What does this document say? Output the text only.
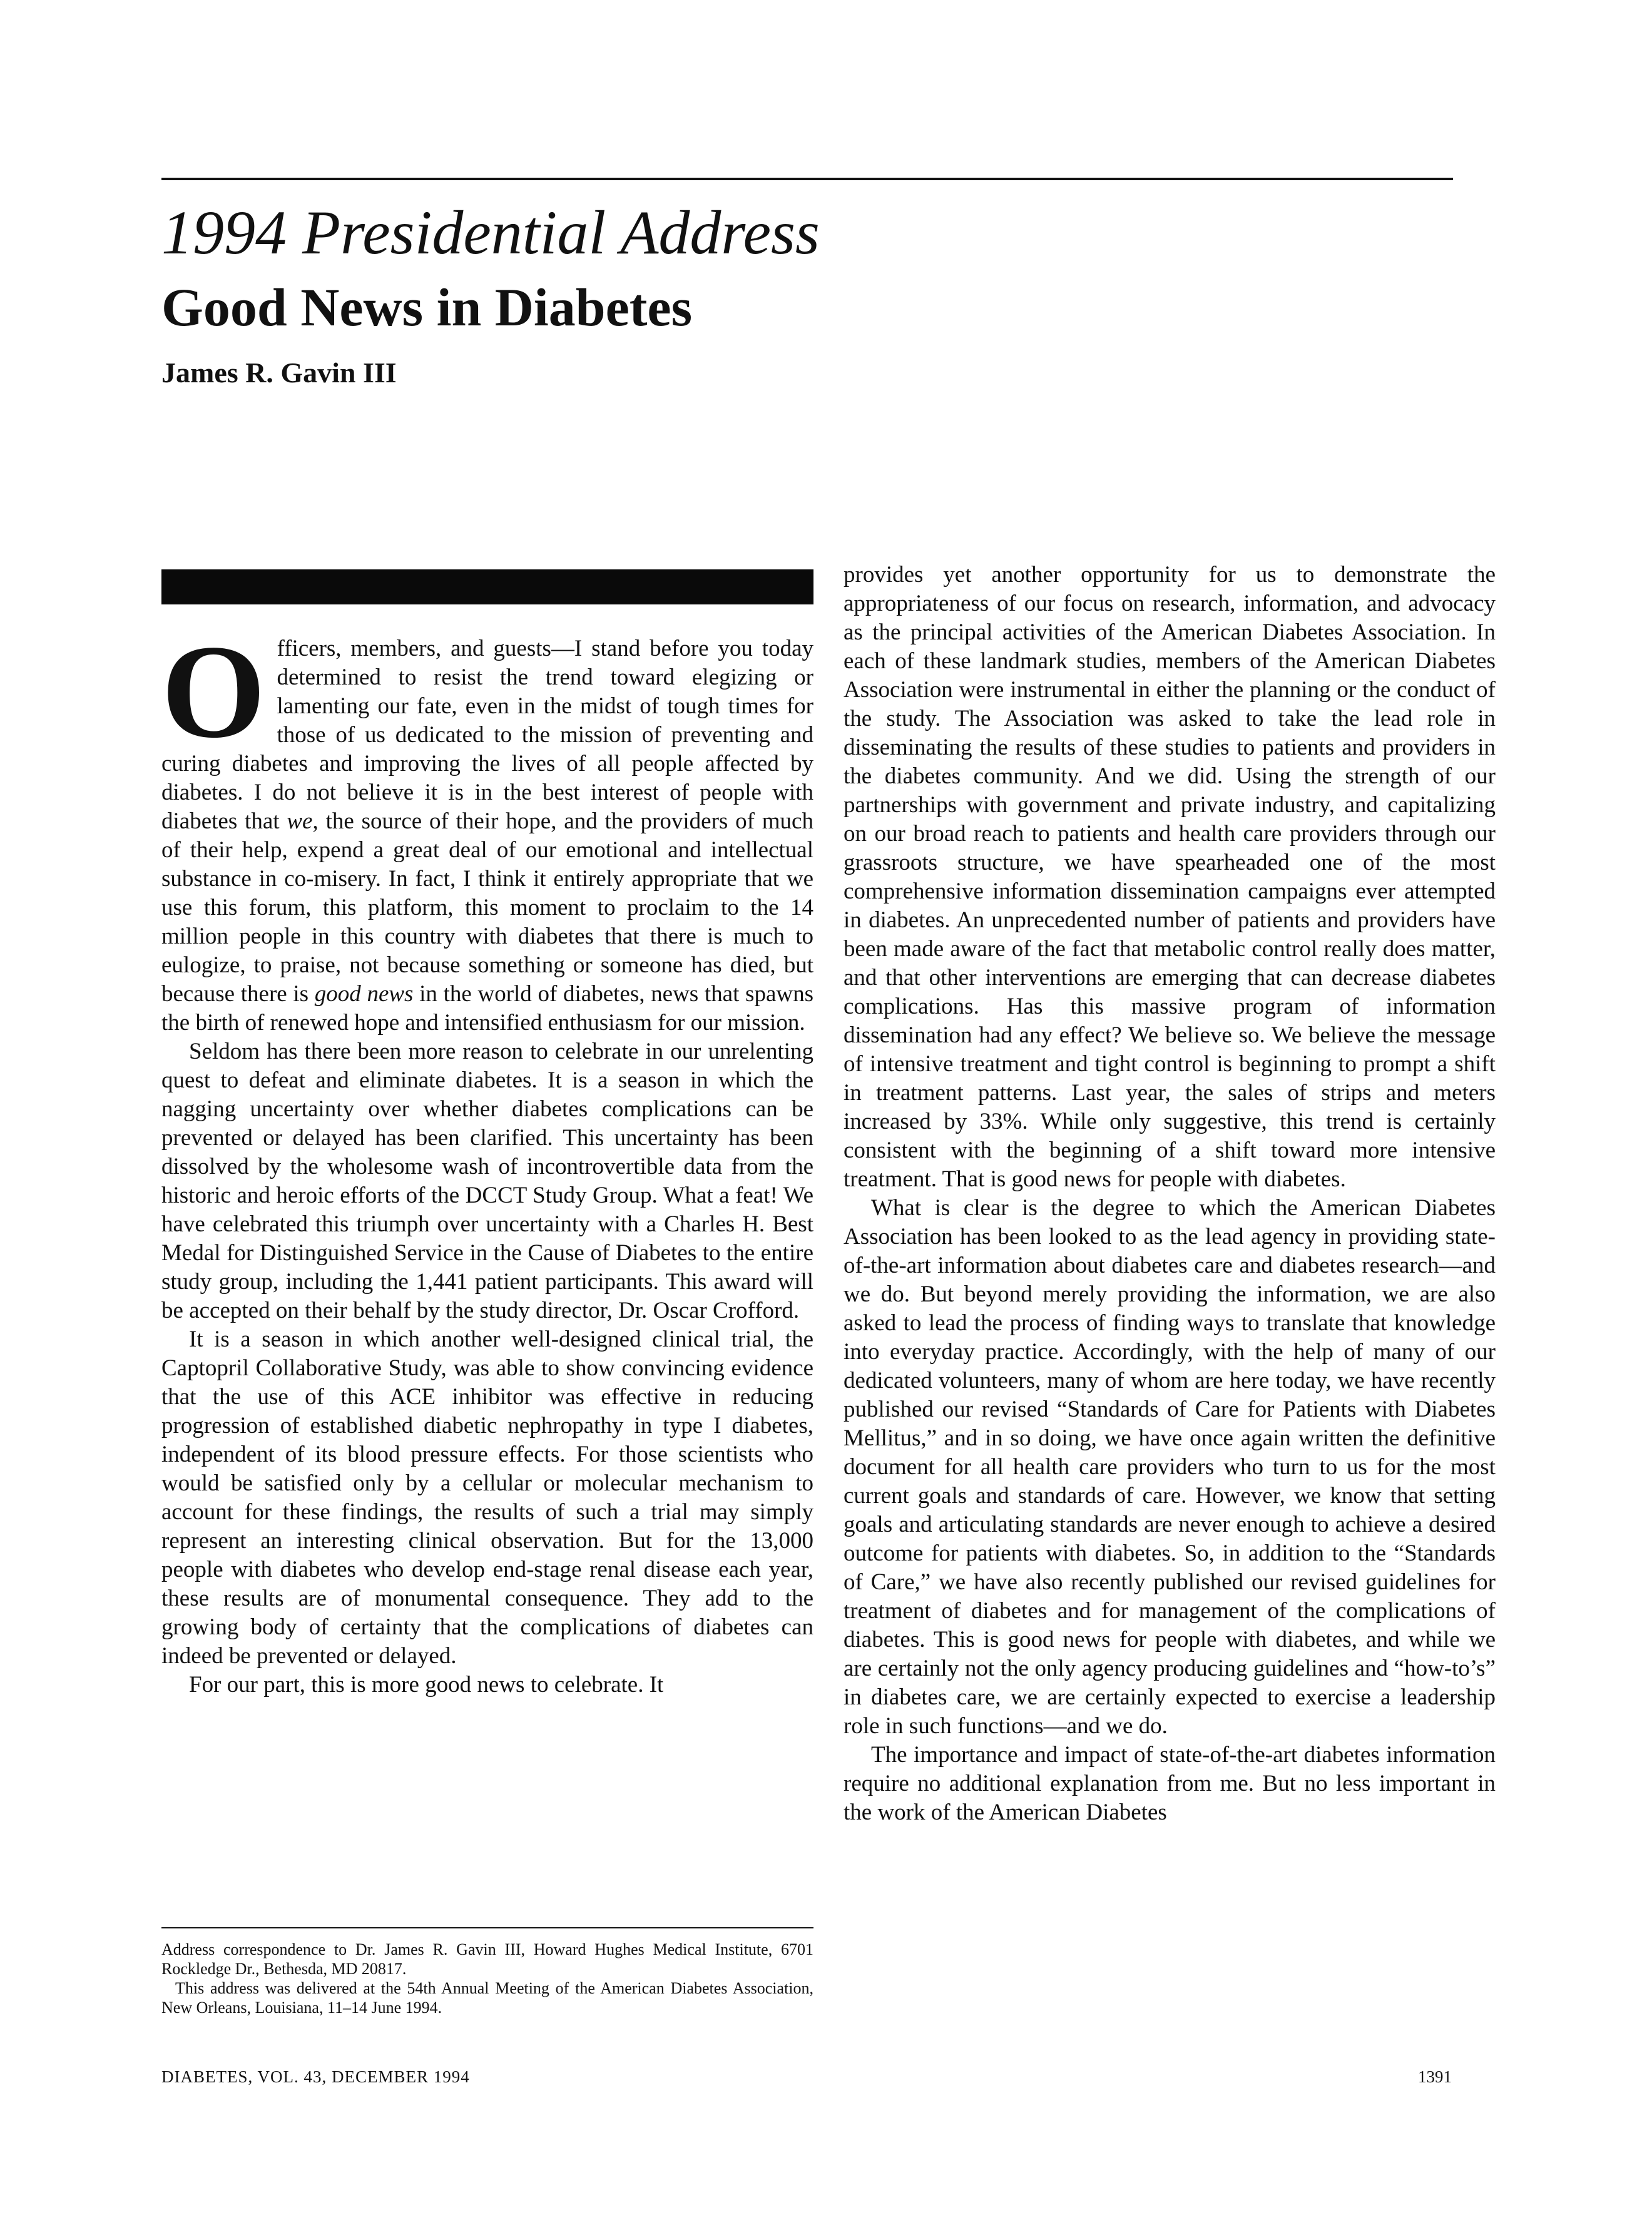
1994 Presidential Address
Good News in Diabetes
James R. Gavin III

Officers, members, and guests—I stand before you today determined to resist the trend toward elegizing or lamenting our fate, even in the midst of tough times for those of us dedicated to the mission of preventing and curing diabetes and improving the lives of all people affected by diabetes. I do not believe it is in the best interest of people with diabetes that we, the source of their hope, and the providers of much of their help, expend a great deal of our emotional and intellectual substance in co-misery. In fact, I think it entirely appropriate that we use this forum, this platform, this moment to proclaim to the 14 million people in this country with diabetes that there is much to eulogize, to praise, not because something or someone has died, but because there is good news in the world of diabetes, news that spawns the birth of renewed hope and intensified enthusiasm for our mission.

Seldom has there been more reason to celebrate in our unrelenting quest to defeat and eliminate diabetes. It is a season in which the nagging uncertainty over whether diabetes complications can be prevented or delayed has been clarified. This uncertainty has been dissolved by the wholesome wash of incontrovertible data from the historic and heroic efforts of the DCCT Study Group. What a feat! We have celebrated this triumph over uncertainty with a Charles H. Best Medal for Distinguished Service in the Cause of Diabetes to the entire study group, including the 1,441 patient participants. This award will be accepted on their behalf by the study director, Dr. Oscar Crofford.

It is a season in which another well-designed clinical trial, the Captopril Collaborative Study, was able to show convincing evidence that the use of this ACE inhibitor was effective in reducing progression of established diabetic nephropathy in type I diabetes, independent of its blood pressure effects. For those scientists who would be satisfied only by a cellular or molecular mechanism to account for these findings, the results of such a trial may simply represent an interesting clinical observation. But for the 13,000 people with diabetes who develop end-stage renal disease each year, these results are of monumental consequence. They add to the growing body of certainty that the complications of diabetes can indeed be prevented or delayed.

For our part, this is more good news to celebrate. It

provides yet another opportunity for us to demonstrate the appropriateness of our focus on research, information, and advocacy as the principal activities of the American Diabetes Association. In each of these landmark studies, members of the American Diabetes Association were instrumental in either the planning or the conduct of the study. The Association was asked to take the lead role in disseminating the results of these studies to patients and providers in the diabetes community. And we did. Using the strength of our partnerships with government and private industry, and capitalizing on our broad reach to patients and health care providers through our grassroots structure, we have spearheaded one of the most comprehensive information dissemination campaigns ever attempted in diabetes. An unprecedented number of patients and providers have been made aware of the fact that metabolic control really does matter, and that other interventions are emerging that can decrease diabetes complications. Has this massive program of information dissemination had any effect? We believe so. We believe the message of intensive treatment and tight control is beginning to prompt a shift in treatment patterns. Last year, the sales of strips and meters increased by 33%. While only suggestive, this trend is certainly consistent with the beginning of a shift toward more intensive treatment. That is good news for people with diabetes.

What is clear is the degree to which the American Diabetes Association has been looked to as the lead agency in providing state-of-the-art information about diabetes care and diabetes research—and we do. But beyond merely providing the information, we are also asked to lead the process of finding ways to translate that knowledge into everyday practice. Accordingly, with the help of many of our dedicated volunteers, many of whom are here today, we have recently published our revised “Standards of Care for Patients with Diabetes Mellitus,” and in so doing, we have once again written the definitive document for all health care providers who turn to us for the most current goals and standards of care. However, we know that setting goals and articulating standards are never enough to achieve a desired outcome for patients with diabetes. So, in addition to the “Standards of Care,” we have also recently published our revised guidelines for treatment of diabetes and for management of the complications of diabetes. This is good news for people with diabetes, and while we are certainly not the only agency producing guidelines and “how-to’s” in diabetes care, we are certainly expected to exercise a leadership role in such functions—and we do.

The importance and impact of state-of-the-art diabetes information require no additional explanation from me. But no less important in the work of the American Diabetes

Address correspondence to Dr. James R. Gavin III, Howard Hughes Medical Institute, 6701 Rockledge Dr., Bethesda, MD 20817.

This address was delivered at the 54th Annual Meeting of the American Diabetes Association, New Orleans, Louisiana, 11–14 June 1994.

DIABETES, VOL. 43, DECEMBER 1994	1391
